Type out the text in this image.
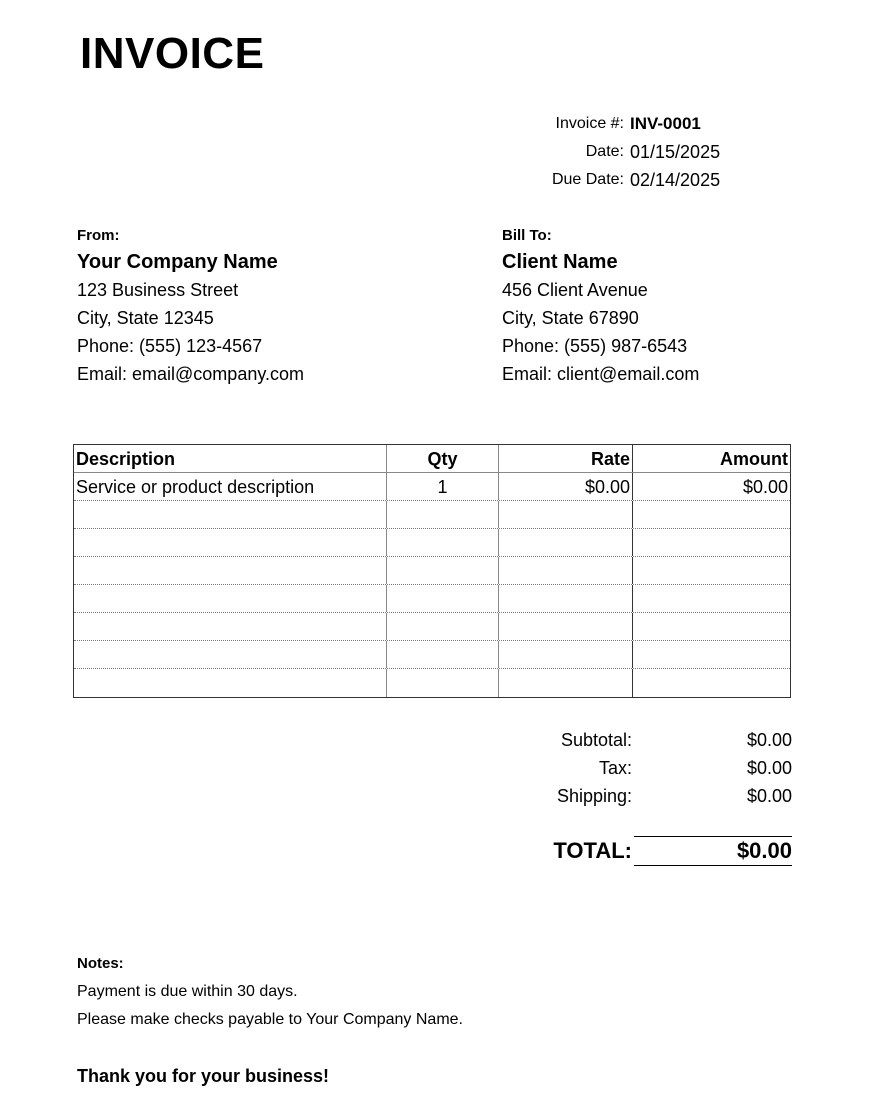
INVOICE
Invoice #: INV-0001
Date: 01/15/2025
Due Date: 02/14/2025
From:
Your Company Name
123 Business Street
City, State 12345
Phone: (555) 123-4567
Email: email@company.com
Bill To:
Client Name
456 Client Avenue
City, State 67890
Phone: (555) 987-6543
Email: client@email.com
Description	Qty	Rate	Amount
Service or product description	1	$0.00	$0.00
Subtotal:	$0.00
Tax:	$0.00
Shipping:	$0.00
TOTAL:	$0.00
Notes:
Payment is due within 30 days.
Please make checks payable to Your Company Name.
Thank you for your business!
